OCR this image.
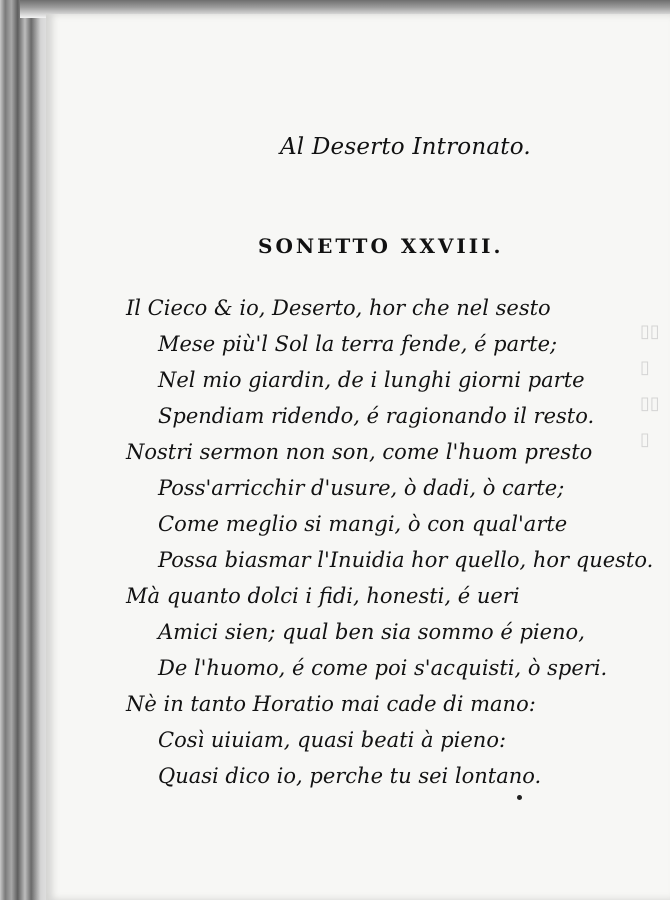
▯▯
▯
▯▯
▯
Al Deserto Intronato.
SONETTO XXVIII.
Il Cieco & io, Deserto, hor che nel sesto
Mese più'l Sol la terra fende, é parte;
Nel mio giardin, de i lunghi giorni parte
Spendiam ridendo, é ragionando il resto.
Nostri sermon non son, come l'huom presto
Poss'arricchir d'usure, ò dadi, ò carte;
Come meglio si mangi, ò con qual'arte
Possa biasmar l'Inuidia hor quello, hor questo.
Mà quanto dolci i fidi, honesti, é ueri
Amici sien; qual ben sia sommo é pieno,
De l'huomo, é come poi s'acquisti, ò speri.
Nè in tanto Horatio mai cade di mano:
Così uiuiam, quasi beati à pieno:
Quasi dico io, perche tu sei lontano.
